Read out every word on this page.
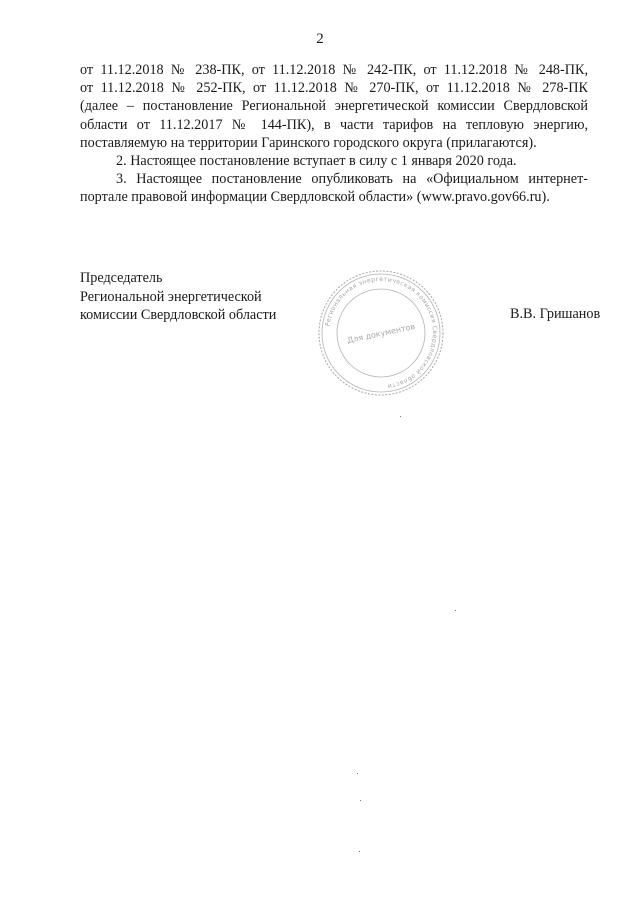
2
от 11.12.2018 № 238-ПК, от 11.12.2018 № 242-ПК, от 11.12.2018 № 248-ПК,
от 11.12.2018 № 252-ПК, от 11.12.2018 № 270-ПК, от 11.12.2018 № 278-ПК
(далее – постановление Региональной энергетической комиссии Свердловской
области от 11.12.2017 № 144-ПК), в части тарифов на тепловую энергию,
поставляемую на территории Гаринского городского округа (прилагаются).
2. Настоящее постановление вступает в силу с 1 января 2020 года.
3. Настоящее постановление опубликовать на «Официальном интернет-
портале правовой информации Свердловской области» (www.pravo.gov66.ru).
Председатель
Региональной энергетической
комиссии Свердловской области	В.В. Гришанов
Региональная энергетическая комиссия Свердловской области
Для документов
